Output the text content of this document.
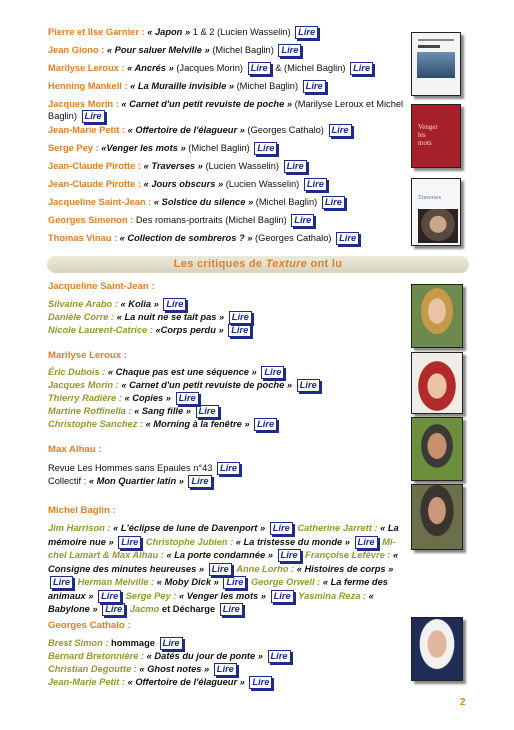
Pierre et Ilse Garnier : « Japon » 1 & 2 (Lucien Wasselin) Lire
Jean Giono : « Pour saluer Melville » (Michel Baglin) Lire
Marilyse Leroux : « Ancrés » (Jacques Morin) Lire & (Michel Baglin) Lire
Henning Mankell : « La Muraille invisible » (Michel Baglin) Lire
Jacques Morin : « Carnet d'un petit revuiste de poche » (Marilyse Leroux et Michel Baglin) Lire
Jean-Marie Petit : « Offertoire de l'élagueur » (Georges Cathalo) Lire
Serge Pey : «Venger les mots » (Michel Baglin) Lire
Jean-Claude Pirotte : « Traverses » (Lucien Wasselin) Lire
Jean-Claude Pirotte : « Jours obscurs » (Lucien Wasselin) Lire
Jacqueline Saint-Jean : « Solstice du silence » (Michel Baglin) Lire
Georges Simenon : Des romans-portraits (Michel Baglin) Lire
Thomas Vinau : « Collection de sombreros ? » (Georges Cathalo) Lire
Venger
les
mots
Traverses
Les critiques de Texture ont lu
Jacqueline Saint-Jean :
Silvaine Arabo : « Kolia » Lire
Danièle Corre : « La nuit ne se tait pas » Lire
Nicole Laurent-Catrice : «Corps perdu » Lire
Marilyse Leroux :
Éric Dubois : « Chaque pas est une séquence » Lire
Jacques Morin : « Carnet d'un petit revuiste de poche » Lire
Thierry Radière : « Copies » Lire
Martine Roffinella : « Sang fille » Lire
Christophe Sanchez : « Morning à la fenêtre » Lire
Max Alhau :
Revue Les Hommes sans Epaules n°43 Lire
Collectif : « Mon Quartier latin » Lire
Michel Baglin :
Jim Harrison : « L'éclipse de lune de Davenport » Lire Catherine Jarrett : « La mémoire nue » Lire Christophe Jubien : « La tristesse du monde » Lire Mi-chel Lamart & Max Alhau : « La porte condamnée » Lire Françoise Lefèvre : « Consigne des minutes heureuses » Lire Anne Lorho : « Histoires de corps » Lire Herman Melville : « Moby Dick » Lire George Orwell : « La ferme des animaux » Lire Serge Pey : « Venger les mots » Lire Yasmina Reza : « Babylone » Lire Jacmo et Décharge Lire
Georges Cathalo :
Brest Simon : hommage Lire
Bernard Bretonnière : « Datés du jour de ponte » Lire
Christian Degoutte : « Ghost notes » Lire
Jean-Marie Petit : « Offertoire de l'élagueur » Lire
2
